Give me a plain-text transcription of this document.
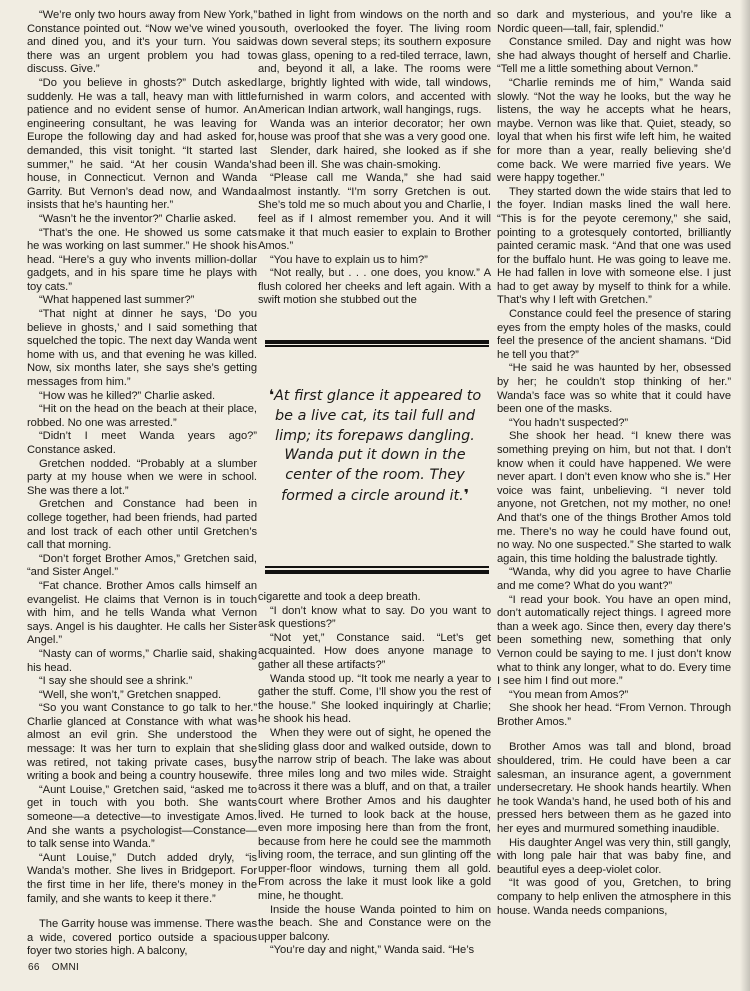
“We’re only two hours away from New York,” Constance pointed out. “Now we’ve wined you and dined you, and it’s your turn. You said there was an urgent problem you had to discuss. Give.”

“Do you believe in ghosts?” Dutch asked suddenly. He was a tall, heavy man with little patience and no evident sense of humor. An engineering consultant, he was leaving for Europe the following day and had asked for, demanded, this visit tonight. “It started last summer,” he said. “At her cousin Wanda’s house, in Connecticut. Vernon and Wanda Garrity. But Vernon’s dead now, and Wanda insists that he’s haunting her.”

“Wasn’t he the inventor?” Charlie asked.

“That’s the one. He showed us some cats he was working on last summer.” He shook his head. “Here’s a guy who invents million-dollar gadgets, and in his spare time he plays with toy cats.”

“What happened last summer?”

“That night at dinner he says, ‘Do you believe in ghosts,’ and I said something that squelched the topic. The next day Wanda went home with us, and that evening he was killed. Now, six months later, she says she’s getting messages from him.”

“How was he killed?” Charlie asked.

“Hit on the head on the beach at their place, robbed. No one was arrested.”

“Didn’t I meet Wanda years ago?” Constance asked.

Gretchen nodded. “Probably at a slumber party at my house when we were in school. She was there a lot.”

Gretchen and Constance had been in college together, had been friends, had parted and lost track of each other until Gretchen’s call that morning.

“Don’t forget Brother Amos,” Gretchen said, “and Sister Angel.”

“Fat chance. Brother Amos calls himself an evangelist. He claims that Vernon is in touch with him, and he tells Wanda what Vernon says. Angel is his daughter. He calls her Sister Angel.”

“Nasty can of worms,” Charlie said, shaking his head.

“I say she should see a shrink.”

“Well, she won’t,” Gretchen snapped.

“So you want Constance to go talk to her.” Charlie glanced at Constance with what was almost an evil grin. She understood the message: It was her turn to explain that she was retired, not taking private cases, busy writing a book and being a country housewife.

“Aunt Louise,” Gretchen said, “asked me to get in touch with you both. She wants someone—a detective—to investigate Amos. And she wants a psychologist—Constance—to talk sense into Wanda.”

“Aunt Louise,” Dutch added dryly, “is Wanda’s mother. She lives in Bridgeport. For the first time in her life, there’s money in the family, and she wants to keep it there.”

The Garrity house was immense. There was a wide, covered portico outside a spacious foyer two stories high. A balcony,

bathed in light from windows on the north and south, overlooked the foyer. The living room was down several steps; its southern exposure was glass, opening to a red-tiled terrace, lawn, and, beyond it all, a lake. The rooms were large, brightly lighted with wide, tall windows, furnished in warm colors, and accented with American Indian artwork, wall hangings, rugs.

Wanda was an interior decorator; her own house was proof that she was a very good one.

Slender, dark haired, she looked as if she had been ill. She was chain-smoking.

“Please call me Wanda,” she had said almost instantly. “I’m sorry Gretchen is out. She’s told me so much about you and Charlie, I feel as if I almost remember you. And it will make it that much easier to explain to Brother Amos.”

“You have to explain us to him?”

“Not really, but . . . one does, you know.” A flush colored her cheeks and left again. With a swift motion she stubbed out the

❛At first glance it appeared to be a live cat, its tail full and limp; its forepaws dangling. Wanda put it down in the center of the room. They formed a circle around it.❜

cigarette and took a deep breath.

“I don’t know what to say. Do you want to ask questions?”

“Not yet,” Constance said. “Let’s get acquainted. How does anyone manage to gather all these artifacts?”

Wanda stood up. “It took me nearly a year to gather the stuff. Come, I’ll show you the rest of the house.” She looked inquiringly at Charlie; he shook his head.

When they were out of sight, he opened the sliding glass door and walked outside, down to the narrow strip of beach. The lake was about three miles long and two miles wide. Straight across it there was a bluff, and on that, a trailer court where Brother Amos and his daughter lived. He turned to look back at the house, even more imposing here than from the front, because from here he could see the mammoth living room, the terrace, and sun glinting off the upper-floor windows, turning them all gold. From across the lake it must look like a gold mine, he thought.

Inside the house Wanda pointed to him on the beach. She and Constance were on the upper balcony.

“You’re day and night,” Wanda said. “He’s

so dark and mysterious, and you’re like a Nordic queen—tall, fair, splendid.”

Constance smiled. Day and night was how she had always thought of herself and Charlie. “Tell me a little something about Vernon.”

“Charlie reminds me of him,” Wanda said slowly. “Not the way he looks, but the way he listens, the way he accepts what he hears, maybe. Vernon was like that. Quiet, steady, so loyal that when his first wife left him, he waited for more than a year, really believing she’d come back. We were married five years. We were happy together.”

They started down the wide stairs that led to the foyer. Indian masks lined the wall here. “This is for the peyote ceremony,” she said, pointing to a grotesquely contorted, brilliantly painted ceramic mask. “And that one was used for the buffalo hunt. He was going to leave me. He had fallen in love with someone else. I just had to get away by myself to think for a while. That’s why I left with Gretchen.”

Constance could feel the presence of staring eyes from the empty holes of the masks, could feel the presence of the ancient shamans. “Did he tell you that?”

“He said he was haunted by her, obsessed by her; he couldn’t stop thinking of her.” Wanda’s face was so white that it could have been one of the masks.

“You hadn’t suspected?”

She shook her head. “I knew there was something preying on him, but not that. I don’t know when it could have happened. We were never apart. I don’t even know who she is.” Her voice was faint, unbelieving. “I never told anyone, not Gretchen, not my mother, no one! And that’s one of the things Brother Amos told me. There’s no way he could have found out, no way. No one suspected.” She started to walk again, this time holding the balustrade tightly.

“Wanda, why did you agree to have Charlie and me come? What do you want?”

“I read your book. You have an open mind, don’t automatically reject things. I agreed more than a week ago. Since then, every day there’s been something new, something that only Vernon could be saying to me. I just don’t know what to think any longer, what to do. Every time I see him I find out more.”

“You mean from Amos?”

She shook her head. “From Vernon. Through Brother Amos.”

Brother Amos was tall and blond, broad shouldered, trim. He could have been a car salesman, an insurance agent, a government undersecretary. He shook hands heartily. When he took Wanda’s hand, he used both of his and pressed hers between them as he gazed into her eyes and murmured something inaudible.

His daughter Angel was very thin, still gangly, with long pale hair that was baby fine, and beautiful eyes a deep-violet color.

“It was good of you, Gretchen, to bring company to help enliven the atmosphere in this house. Wanda needs companions,

66 OMNI
